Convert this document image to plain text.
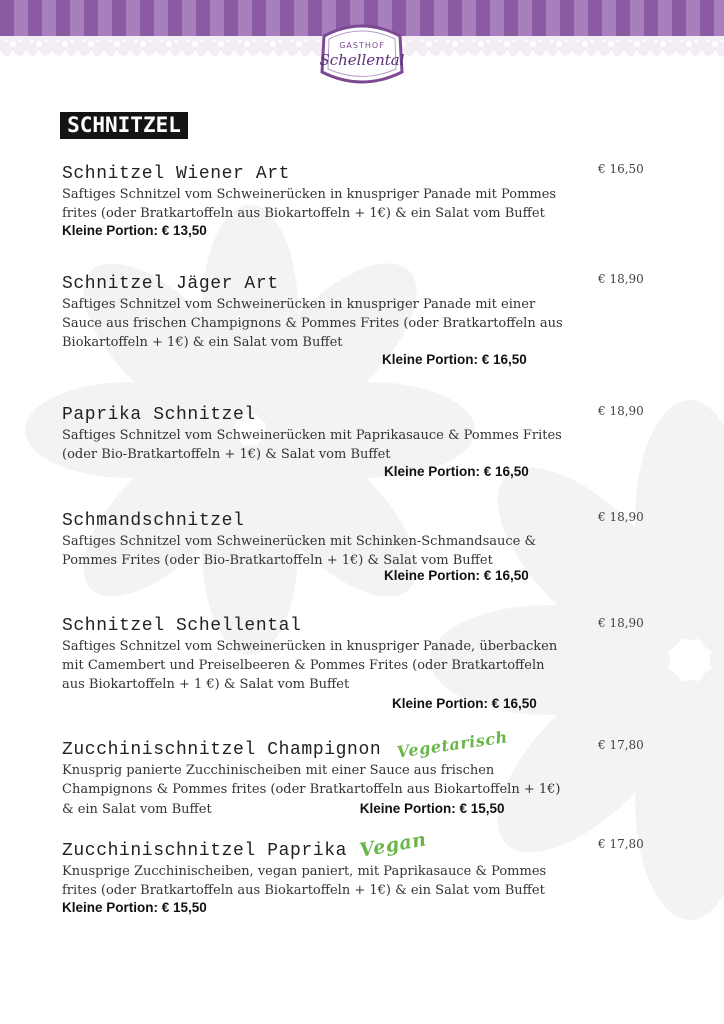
GASTHOF
Schellental
SCHNITZEL
Schnitzel Wiener Art
Saftiges Schnitzel vom Schweinerücken in knuspriger Panade mit Pommes
frites (oder Bratkartoffeln aus Biokartoffeln + 1€) & ein Salat vom Buffet
Kleine Portion: € 13,50
€ 16,50
Schnitzel Jäger Art
Saftiges Schnitzel vom Schweinerücken in knuspriger Panade mit einer
Sauce aus frischen Champignons & Pommes Frites (oder Bratkartoffeln aus
Biokartoffeln + 1€) & ein Salat vom Buffet
Kleine Portion: € 16,50
€ 18,90
Paprika Schnitzel
Saftiges Schnitzel vom Schweinerücken mit Paprikasauce & Pommes Frites
(oder Bio-Bratkartoffeln + 1€) & Salat vom Buffet
Kleine Portion: € 16,50
€ 18,90
Schmandschnitzel
Saftiges Schnitzel vom Schweinerücken mit Schinken-Schmandsauce &
Pommes Frites (oder Bio-Bratkartoffeln + 1€) & Salat vom Buffet
Kleine Portion: € 16,50
€ 18,90
Schnitzel Schellental
Saftiges Schnitzel vom Schweinerücken in knuspriger Panade, überbacken
mit Camembert und Preiselbeeren & Pommes Frites (oder Bratkartoffeln
aus Biokartoffeln + 1 €) & Salat vom Buffet
Kleine Portion: € 16,50
€ 18,90
Zucchinischnitzel Champignon Vegetarisch
Knusprig panierte Zucchinischeiben mit einer Sauce aus frischen
Champignons & Pommes frites (oder Bratkartoffeln aus Biokartoffeln + 1€)
& ein Salat vom Buffet	Kleine Portion: € 15,50
€ 17,80
Zucchinischnitzel Paprika Vegan
Knusprige Zucchinischeiben, vegan paniert, mit Paprikasauce & Pommes
frites (oder Bratkartoffeln aus Biokartoffeln + 1€) & ein Salat vom Buffet
Kleine Portion: € 15,50
€ 17,80
